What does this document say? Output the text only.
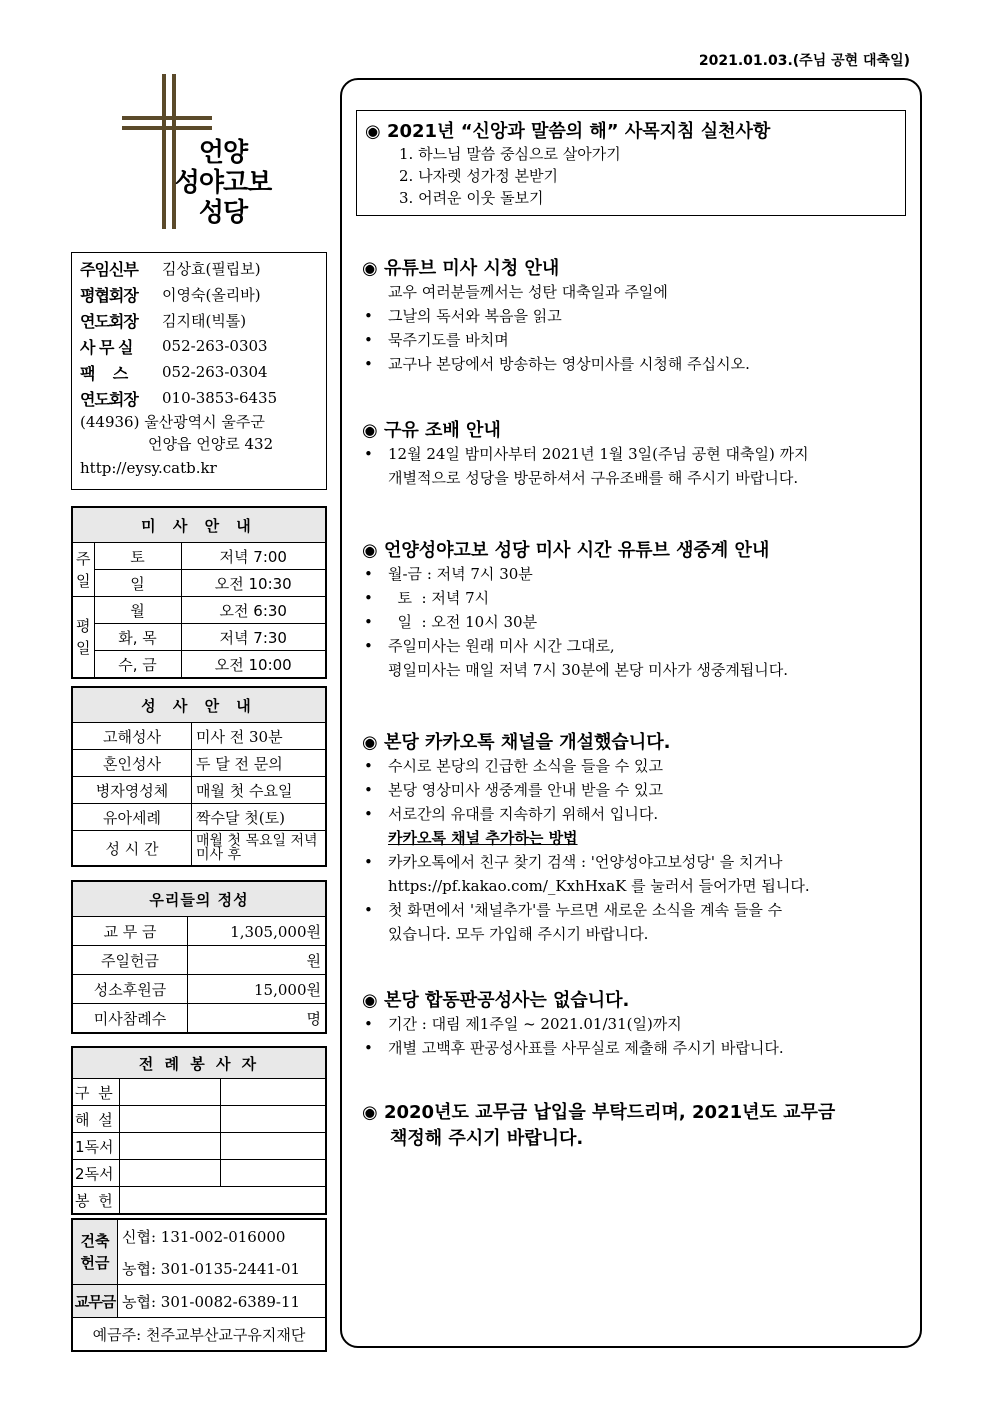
2021.01.03.(주님 공현 대축일)
언양
성야고보
성당
주임신부	김상효(필립보)
평협회장	이영숙(올리바)
연도회장	김지태(빅톨)
사 무 실	052-263-0303
팩    스	052-263-0304
연도회장	010-3853-6435
(44936) 울산광역시 울주군
언양읍 언양로 432
http://eysy.catb.kr
미 사 안 내		
주일	토	저녁 7:00
	일	오전 10:30
평일	월	오전 6:30
	화, 목	저녁 7:30
	수, 금	오전 10:00
성 사 안 내	
고해성사	미사 전 30분
혼인성사	두 달 전 문의
병자영성체	매월 첫 수요일
유아세례	짝수달 첫(토)
성 시 간	매월 첫 목요일 저녁미사 후
우리들의 정성	
교 무 금	1,305,000원
주일헌금	원
성소후원금	15,000원
미사참례수	명
전 례 봉 사 자		
구 분		
해 설		
1독서		
2독서		
봉 헌		
건축헌금	신협: 131-002-016000
	농협: 301-0135-2441-01
교무금	농협: 301-0082-6389-11
예금주: 천주교부산교구유지재단	
◉ 2021년 “신앙과 말씀의 해” 사목지침 실천사항
1. 하느님 말씀 중심으로 살아가기
2. 나자렛 성가정 본받기
3. 어려운 이웃 돌보기
◉ 유튜브 미사 시청 안내
교우 여러분들께서는 성탄 대축일과 주일에
• 그날의 독서와 복음을 읽고
• 묵주기도를 바치며
• 교구나 본당에서 방송하는 영상미사를 시청해 주십시오.
◉ 구유 조배 안내
• 12월 24일 밤미사부터 2021년 1월 3일(주님 공현 대축일) 까지
개별적으로 성당을 방문하셔서 구유조배를 해 주시기 바랍니다.
◉ 언양성야고보 성당 미사 시간 유튜브 생중계 안내
• 월-금 : 저녁 7시 30분
•   토  : 저녁 7시
•   일  : 오전 10시 30분
• 주일미사는 원래 미사 시간 그대로,
평일미사는 매일 저녁 7시 30분에 본당 미사가 생중계됩니다.
◉ 본당 카카오톡 채널을 개설했습니다.
• 수시로 본당의 긴급한 소식을 들을 수 있고
• 본당 영상미사 생중계를 안내 받을 수 있고
• 서로간의 유대를 지속하기 위해서 입니다.
카카오톡 채널 추가하는 방법
• 카카오톡에서 친구 찾기 검색 : '언양성야고보성당' 을 치거나
https://pf.kakao.com/_KxhHxaK 를 눌러서 들어가면 됩니다.
• 첫 화면에서 '채널추가'를 누르면 새로운 소식을 계속 들을 수
있습니다. 모두 가입해 주시기 바랍니다.
◉ 본당 합동판공성사는 없습니다.
• 기간 : 대림 제1주일 ~ 2021.01/31(일)까지
• 개별 고백후 판공성사표를 사무실로 제출해 주시기 바랍니다.
◉ 2020년도 교무금 납입을 부탁드리며, 2021년도 교무금
책정해 주시기 바랍니다.
